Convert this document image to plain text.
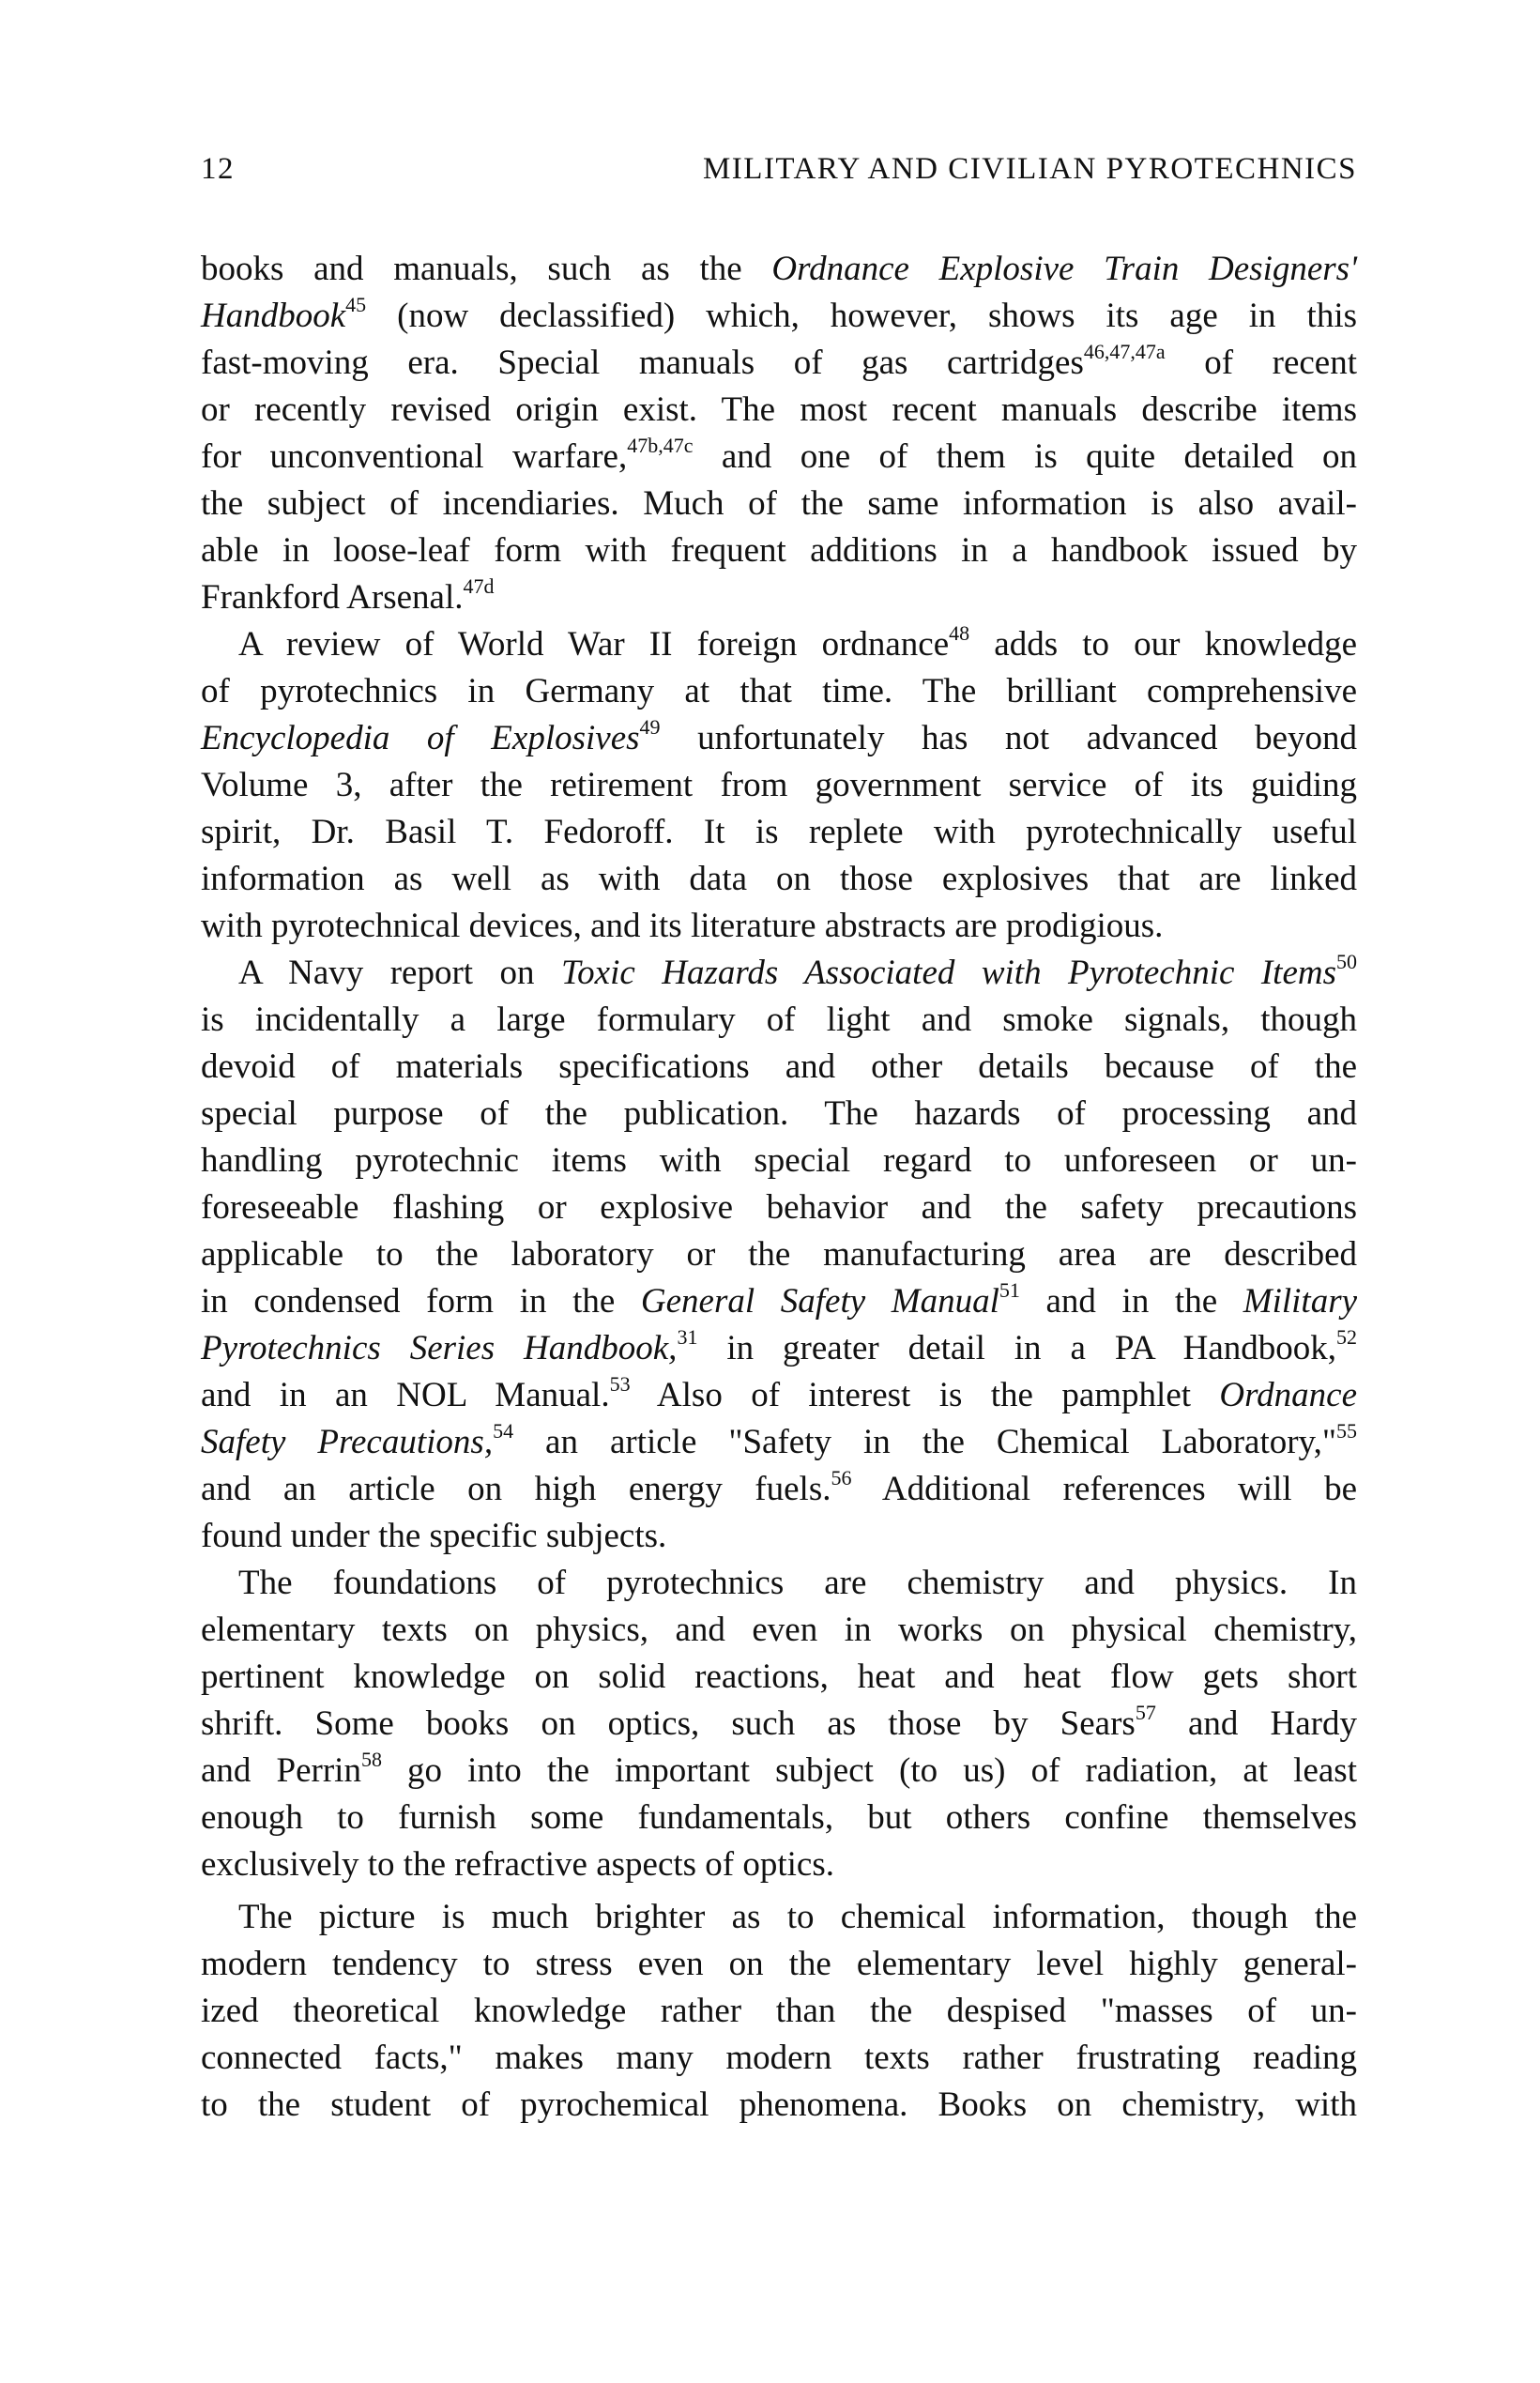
12	MILITARY AND CIVILIAN PYROTECHNICS
books and manuals, such as the Ordnance Explosive Train Designers'
Handbook$^{45}$ (now declassified) which, however, shows its age in this
fast-moving era. Special manuals of gas cartridges$^{46,47,47a}$ of recent
or recently revised origin exist. The most recent manuals describe items
for unconventional warfare,$^{47b,47c}$ and one of them is quite detailed on
the subject of incendiaries. Much of the same information is also avail-
able in loose-leaf form with frequent additions in a handbook issued by
Frankford Arsenal.$^{47d}$
A review of World War II foreign ordnance$^{48}$ adds to our knowledge
of pyrotechnics in Germany at that time. The brilliant comprehensive
Encyclopedia of Explosives$^{49}$ unfortunately has not advanced beyond
Volume 3, after the retirement from government service of its guiding
spirit, Dr. Basil T. Fedoroff. It is replete with pyrotechnically useful
information as well as with data on those explosives that are linked
with pyrotechnical devices, and its literature abstracts are prodigious.
A Navy report on Toxic Hazards Associated with Pyrotechnic Items$^{50}$
is incidentally a large formulary of light and smoke signals, though
devoid of materials specifications and other details because of the
special purpose of the publication. The hazards of processing and
handling pyrotechnic items with special regard to unforeseen or un-
foreseeable flashing or explosive behavior and the safety precautions
applicable to the laboratory or the manufacturing area are described
in condensed form in the General Safety Manual$^{51}$ and in the Military
Pyrotechnics Series Handbook,$^{31}$ in greater detail in a PA Handbook,$^{52}$
and in an NOL Manual.$^{53}$ Also of interest is the pamphlet Ordnance
Safety Precautions,$^{54}$ an article "Safety in the Chemical Laboratory,"$^{55}$
and an article on high energy fuels.$^{56}$ Additional references will be
found under the specific subjects.
The foundations of pyrotechnics are chemistry and physics. In
elementary texts on physics, and even in works on physical chemistry,
pertinent knowledge on solid reactions, heat and heat flow gets short
shrift. Some books on optics, such as those by Sears$^{57}$ and Hardy
and Perrin$^{58}$ go into the important subject (to us) of radiation, at least
enough to furnish some fundamentals, but others confine themselves
exclusively to the refractive aspects of optics.
The picture is much brighter as to chemical information, though the
modern tendency to stress even on the elementary level highly general-
ized theoretical knowledge rather than the despised "masses of un-
connected facts," makes many modern texts rather frustrating reading
to the student of pyrochemical phenomena. Books on chemistry, with
